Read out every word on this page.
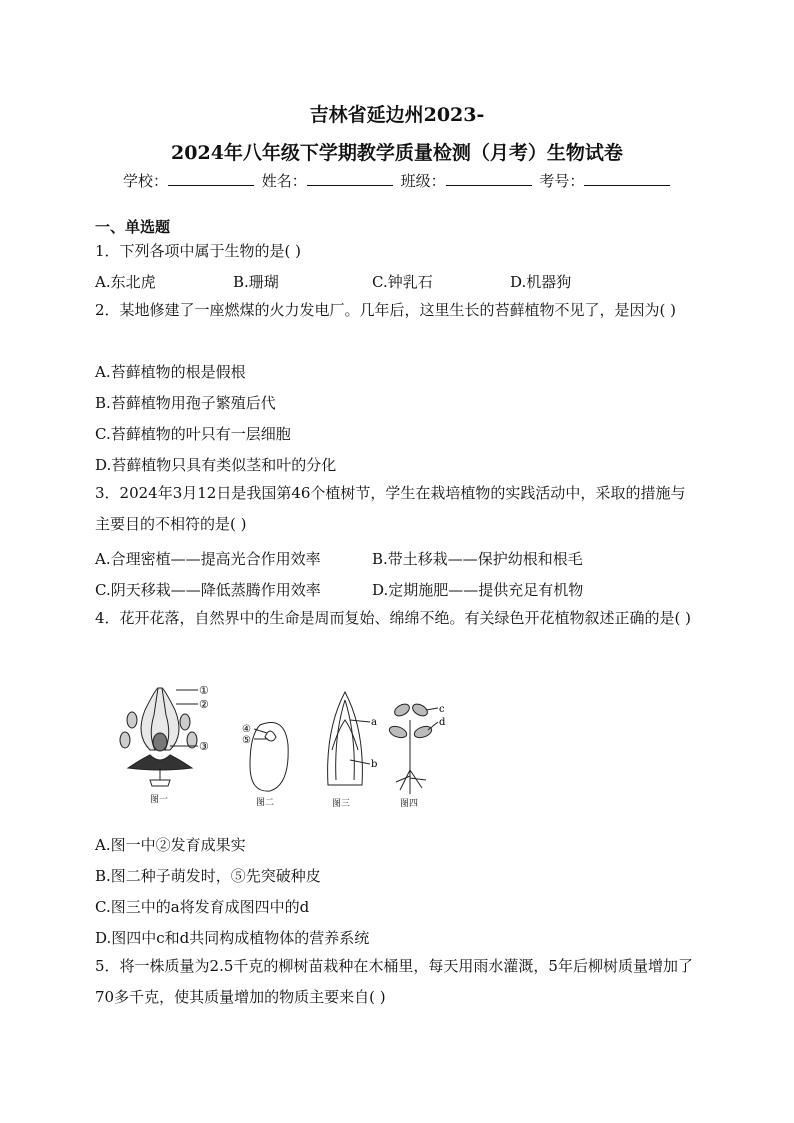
吉林省延边州2023-
2024年八年级下学期教学质量检测（月考）生物试卷
学校：	姓名：	班级：	考号：
一、单选题
1．下列各项中属于生物的是( )
A.东北虎	B.珊瑚	C.钟乳石	D.机器狗
2．某地修建了一座燃煤的火力发电厂。几年后，这里生长的苔藓植物不见了，是因为( )
A.苔藓植物的根是假根
B.苔藓植物用孢子繁殖后代
C.苔藓植物的叶只有一层细胞
D.苔藓植物只具有类似茎和叶的分化
3．2024年3月12日是我国第46个植树节，学生在栽培植物的实践活动中，采取的措施与主要目的不相符的是( )
A.合理密植——提高光合作用效率	B.带土移栽——保护幼根和根毛
C.阴天移栽——降低蒸腾作用效率	D.定期施肥——提供充足有机物
4．花开花落，自然界中的生命是周而复始、绵绵不绝。有关绿色开花植物叙述正确的是( )
①
②
③
图一
④
⑤
图二
a
b
图三
c
d
图四
A.图一中②发育成果实
B.图二种子萌发时，⑤先突破种皮
C.图三中的a将发育成图四中的d
D.图四中c和d共同构成植物体的营养系统
5．将一株质量为2.5千克的柳树苗栽种在木桶里，每天用雨水灌溉，5年后柳树质量增加了70多千克，使其质量增加的物质主要来自( )
